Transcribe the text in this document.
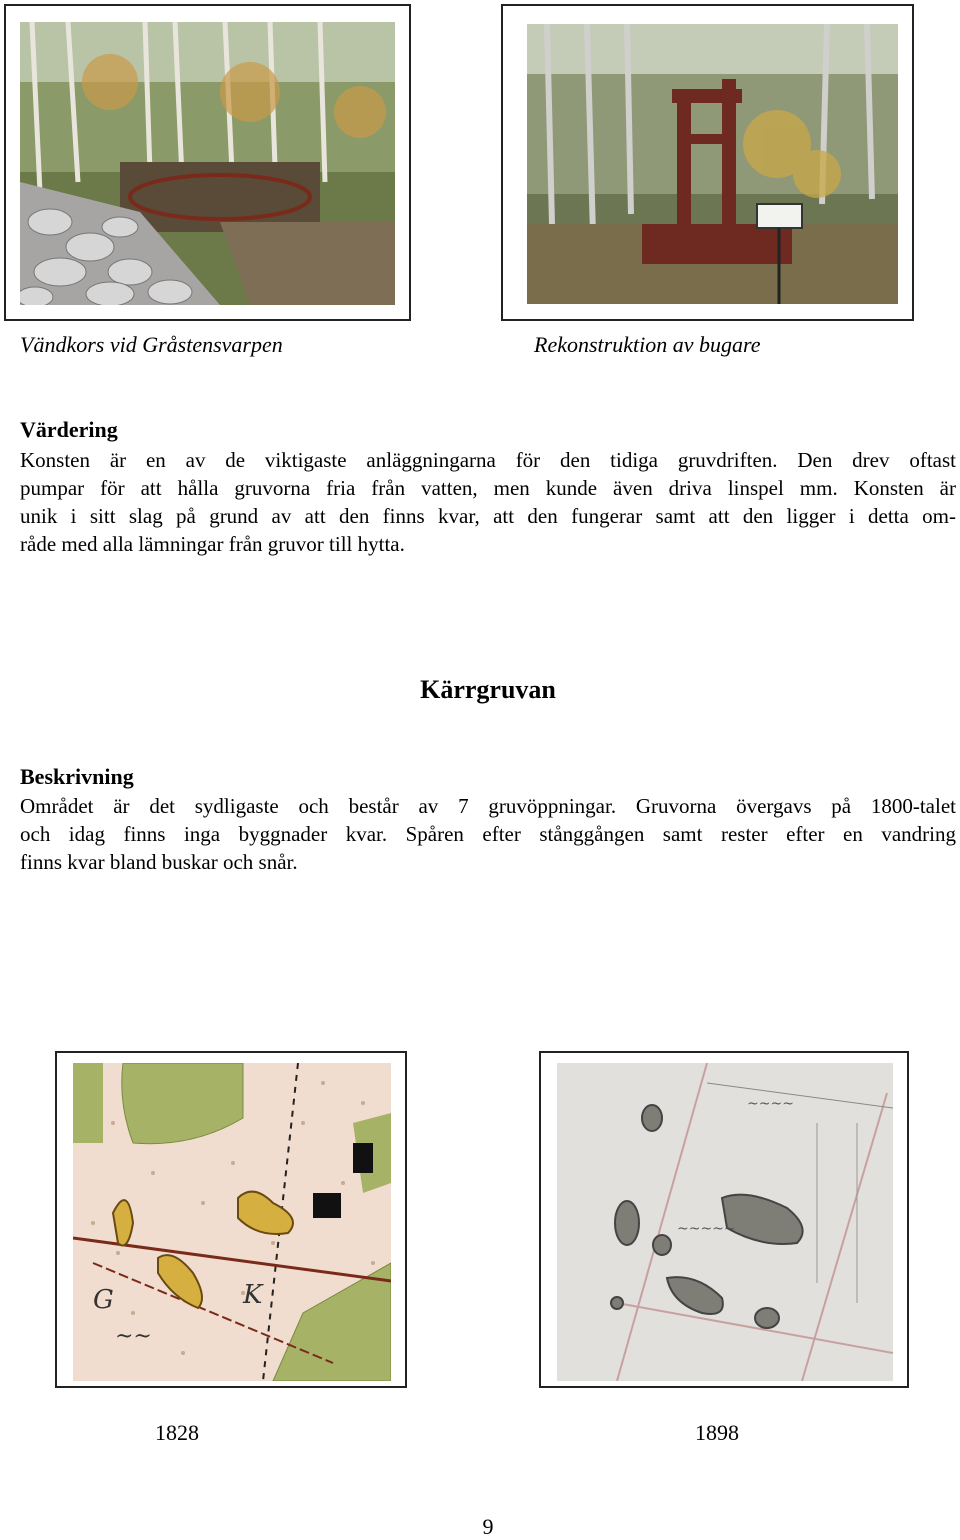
Vändkors vid Gråstensvarpen	Rekonstruktion av bugare
Värdering
Konsten är en av de viktigaste anläggningarna för den tidiga gruvdriften. Den drev oftast
pumpar för att hålla gruvorna fria från vatten, men kunde även driva linspel mm. Konsten är
unik i sitt slag på grund av att den finns kvar, att den fungerar samt att den ligger i detta om-
råde med alla lämningar från gruvor till hytta.
Kärrgruvan
Beskrivning
Området är det sydligaste och består av 7 gruvöppningar. Gruvorna övergavs på 1800-talet
och idag finns inga byggnader kvar. Spåren efter stånggången samt rester efter en vandring
finns kvar bland buskar och snår.
G
~~
K
~~~~
~~~~~
1828	1898
9
